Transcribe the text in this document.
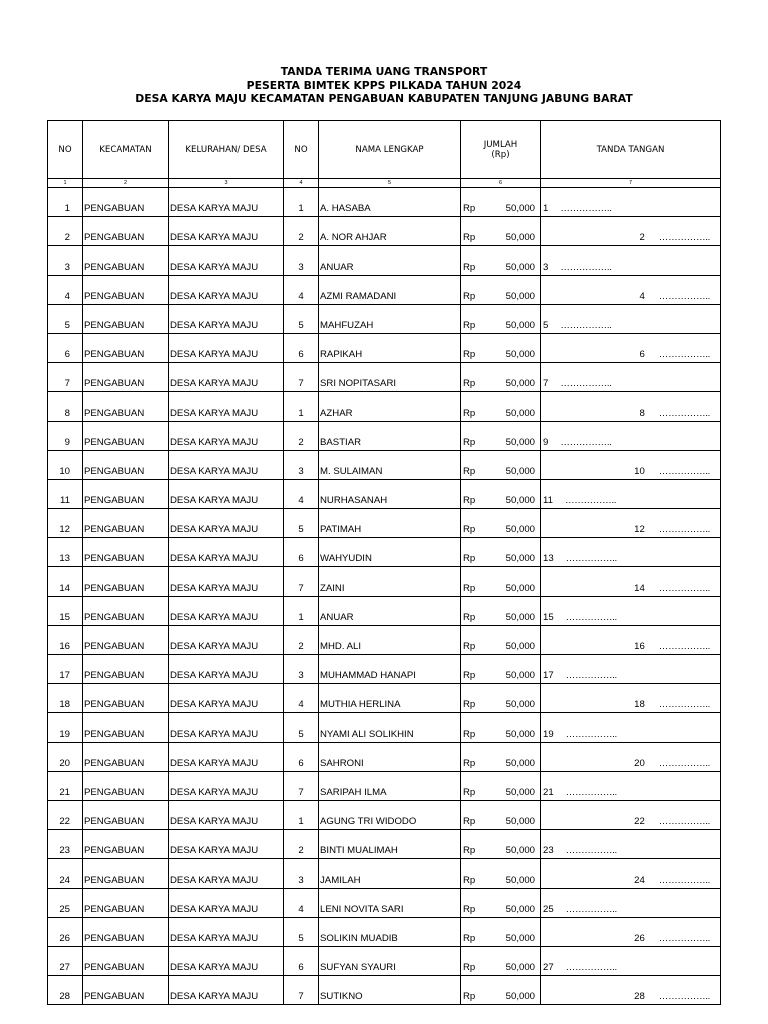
TANDA TERIMA UANG TRANSPORT
PESERTA BIMTEK KPPS PILKADA TAHUN 2024
DESA KARYA MAJU KECAMATAN PENGABUAN KABUPATEN TANJUNG JABUNG BARAT
NO	KECAMATAN	KELURAHAN/ DESA	NO	NAMA LENGKAP	JUMLAH
(Rp)	TANDA TANGAN
1	2	3	4	5	6	7
1	PENGABUAN	DESA KARYA MAJU	1	A. HASABA	Rp 50,000	1 ……………..

2	PENGABUAN	DESA KARYA MAJU	2	A. NOR AHJAR	Rp 50,000	2 ……………..

3	PENGABUAN	DESA KARYA MAJU	3	ANUAR	Rp 50,000	3 ……………..

4	PENGABUAN	DESA KARYA MAJU	4	AZMI RAMADANI	Rp 50,000	4 ……………..

5	PENGABUAN	DESA KARYA MAJU	5	MAHFUZAH	Rp 50,000	5 ……………..

6	PENGABUAN	DESA KARYA MAJU	6	RAPIKAH	Rp 50,000	6 ……………..

7	PENGABUAN	DESA KARYA MAJU	7	SRI NOPITASARI	Rp 50,000	7 ……………..

8	PENGABUAN	DESA KARYA MAJU	1	AZHAR	Rp 50,000	8 ……………..

9	PENGABUAN	DESA KARYA MAJU	2	BASTIAR	Rp 50,000	9 ……………..

10	PENGABUAN	DESA KARYA MAJU	3	M. SULAIMAN	Rp 50,000	10 ……………..

11	PENGABUAN	DESA KARYA MAJU	4	NURHASANAH	Rp 50,000	11 ……………..

12	PENGABUAN	DESA KARYA MAJU	5	PATIMAH	Rp 50,000	12 ……………..

13	PENGABUAN	DESA KARYA MAJU	6	WAHYUDIN	Rp 50,000	13 ……………..

14	PENGABUAN	DESA KARYA MAJU	7	ZAINI	Rp 50,000	14 ……………..

15	PENGABUAN	DESA KARYA MAJU	1	ANUAR	Rp 50,000	15 ……………..

16	PENGABUAN	DESA KARYA MAJU	2	MHD. ALI	Rp 50,000	16 ……………..

17	PENGABUAN	DESA KARYA MAJU	3	MUHAMMAD HANAPI	Rp 50,000	17 ……………..

18	PENGABUAN	DESA KARYA MAJU	4	MUTHIA HERLINA	Rp 50,000	18 ……………..

19	PENGABUAN	DESA KARYA MAJU	5	NYAMI ALI SOLIKHIN	Rp 50,000	19 ……………..

20	PENGABUAN	DESA KARYA MAJU	6	SAHRONI	Rp 50,000	20 ……………..

21	PENGABUAN	DESA KARYA MAJU	7	SARIPAH ILMA	Rp 50,000	21 ……………..

22	PENGABUAN	DESA KARYA MAJU	1	AGUNG TRI WIDODO	Rp 50,000	22 ……………..

23	PENGABUAN	DESA KARYA MAJU	2	BINTI MUALIMAH	Rp 50,000	23 ……………..

24	PENGABUAN	DESA KARYA MAJU	3	JAMILAH	Rp 50,000	24 ……………..

25	PENGABUAN	DESA KARYA MAJU	4	LENI NOVITA SARI	Rp 50,000	25 ……………..

26	PENGABUAN	DESA KARYA MAJU	5	SOLIKIN MUADIB	Rp 50,000	26 ……………..

27	PENGABUAN	DESA KARYA MAJU	6	SUFYAN SYAURI	Rp 50,000	27 ……………..

28	PENGABUAN	DESA KARYA MAJU	7	SUTIKNO	Rp 50,000	28 ……………..
